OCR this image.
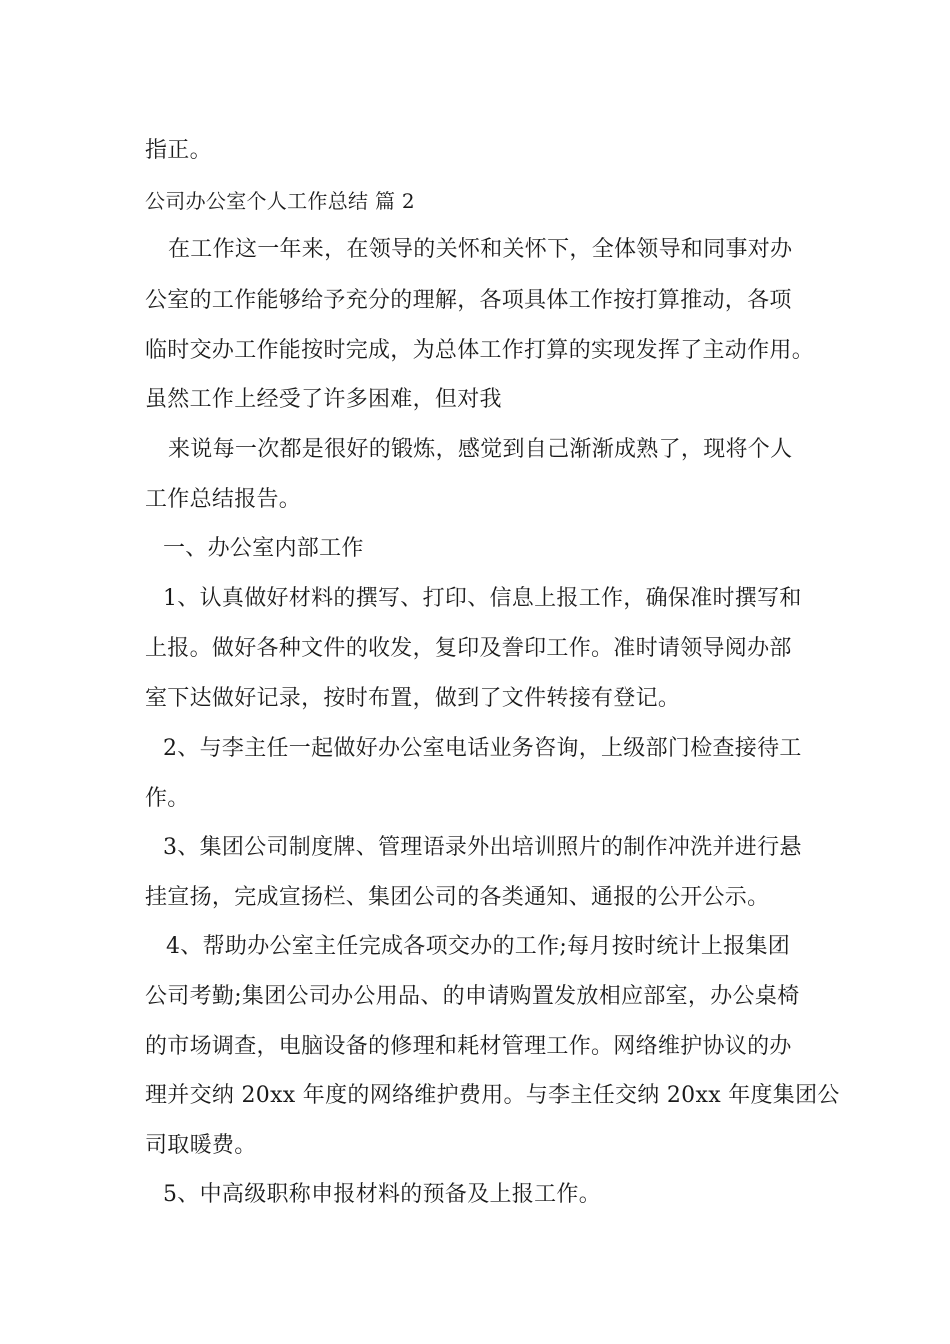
指正。
公司办公室个人工作总结 篇 2
在工作这一年来，在领导的关怀和关怀下，全体领导和同事对办
公室的工作能够给予充分的理解，各项具体工作按打算推动，各项
临时交办工作能按时完成，为总体工作打算的实现发挥了主动作用。
虽然工作上经受了许多困难，但对我
来说每一次都是很好的锻炼，感觉到自己渐渐成熟了，现将个人
工作总结报告。
一、办公室内部工作
1、认真做好材料的撰写、打印、信息上报工作，确保准时撰写和
上报。做好各种文件的收发，复印及誊印工作。准时请领导阅办部
室下达做好记录，按时布置，做到了文件转接有登记。
2、与李主任一起做好办公室电话业务咨询，上级部门检查接待工
作。
3、集团公司制度牌、管理语录外出培训照片的制作冲洗并进行悬
挂宣扬，完成宣扬栏、集团公司的各类通知、通报的公开公示。
4、帮助办公室主任完成各项交办的工作;每月按时统计上报集团
公司考勤;集团公司办公用品、的申请购置发放相应部室，办公桌椅
的市场调查，电脑设备的修理和耗材管理工作。网络维护协议的办
理并交纳 20xx 年度的网络维护费用。与李主任交纳 20xx 年度集团公
司取暖费。
5、中高级职称申报材料的预备及上报工作。
